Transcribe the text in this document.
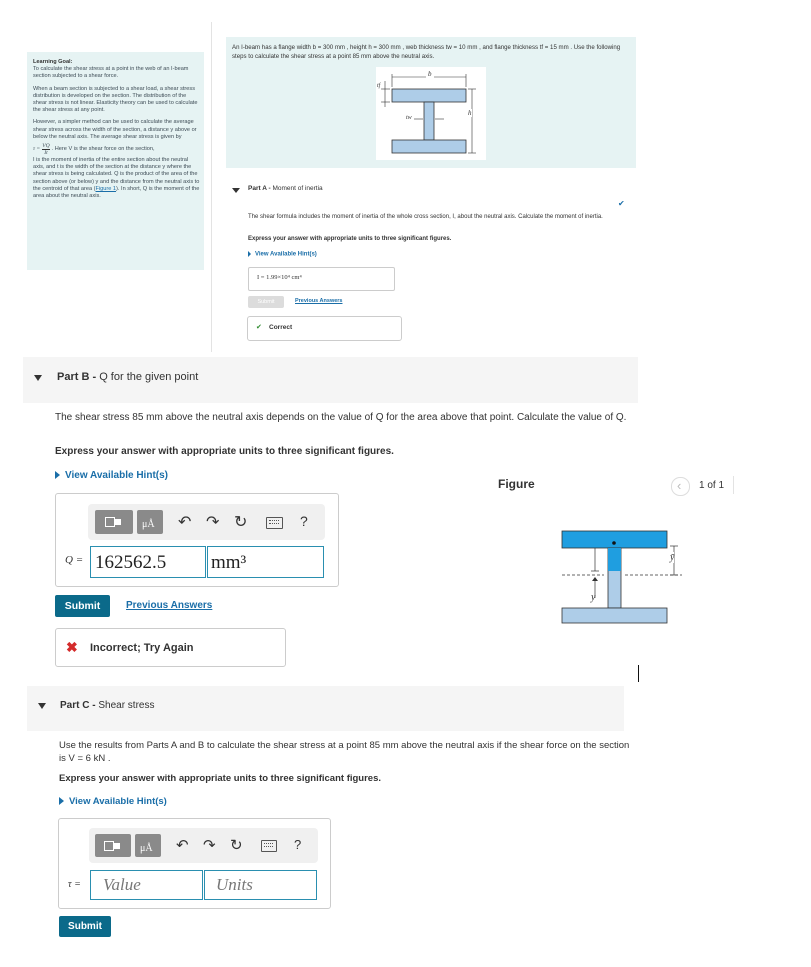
Learning Goal:
To calculate the shear stress at a point in the web of an I-beam section subjected to a shear force.

When a beam section is subjected to a shear load, a shear stress distribution is developed on the section. The distribution of the shear stress is not linear. Elasticity theory can be used to calculate the shear stress at any point.

However, a simpler method can be used to calculate the average shear stress across the width of the section, a distance y above or below the neutral axis. The average shear stress is given by

$\tau = \frac{VQ}{It}$ . Here V is the shear force on the section,

I is the moment of inertia of the entire section about the neutral axis, and t is the width of the section at the distance y where the shear stress is being calculated. Q is the product of the area of the section above (or below) y and the distance from the neutral axis to the centroid of that area (Figure 1). In short, Q is the moment of the area about the neutral axis.

An I-beam has a flange width b = 300 mm , height h = 300 mm , web thickness tw = 10 mm , and flange thickness tf = 15 mm . Use the following steps to calculate the shear stress at a point 85 mm above the neutral axis.
b
h
tf
tw
Part A - Moment of inertia
✔
The shear formula includes the moment of inertia of the whole cross section, I, about the neutral axis. Calculate the moment of inertia.
Express your answer with appropriate units to three significant figures.
View Available Hint(s)
I = 1.99×10⁴ cm⁴
Submit	Previous Answers
✔ Correct
Part B - Q for the given point
The shear stress 85 mm above the neutral axis depends on the value of Q for the area above that point. Calculate the value of Q.
Express your answer with appropriate units to three significant figures.
View Available Hint(s)
μÅ ↶ ↷ ↻	?
Q = 162562.5 mm³
Submit	Previous Answers
✖ Incorrect; Try Again
Figure	‹ 1 of 1
y
ȳ
Part C - Shear stress
Use the results from Parts A and B to calculate the shear stress at a point 85 mm above the neutral axis if the shear force on the section is V = 6 kN .
Express your answer with appropriate units to three significant figures.
View Available Hint(s)
μÅ ↶ ↷ ↻	?
τ = Value	Units
Submit
